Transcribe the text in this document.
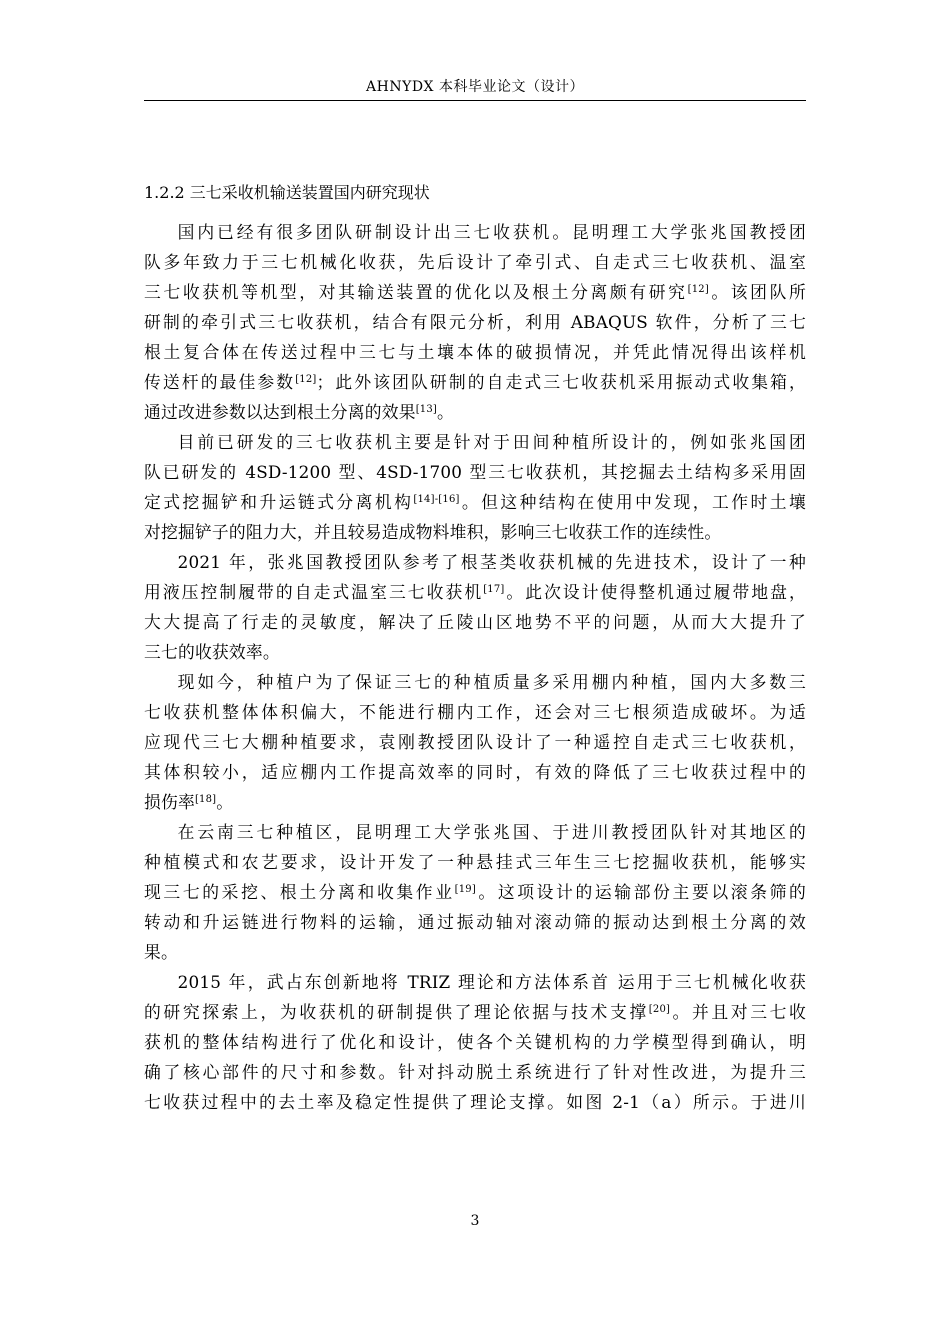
AHNYDX 本科毕业论文（设计）
1.2.2 三七采收机输送装置国内研究现状
国内已经有很多团队研制设计出三七收获机。昆明理工大学张兆国教授团
队多年致力于三七机械化收获，先后设计了牵引式、自走式三七收获机、温室
三七收获机等机型，对其输送装置的优化以及根土分离颇有研究[12]。该团队所
研制的牵引式三七收获机，结合有限元分析，利用 ABAQUS 软件，分析了三七
根土复合体在传送过程中三七与土壤本体的破损情况，并凭此情况得出该样机
传送杆的最佳参数[12]；此外该团队研制的自走式三七收获机采用振动式收集箱，
通过改进参数以达到根土分离的效果[13]。
目前已研发的三七收获机主要是针对于田间种植所设计的，例如张兆国团
队已研发的 4SD-1200 型、4SD-1700 型三七收获机，其挖掘去土结构多采用固
定式挖掘铲和升运链式分离机构[14]-[16]。但这种结构在使用中发现，工作时土壤
对挖掘铲子的阻力大，并且较易造成物料堆积，影响三七收获工作的连续性。
2021 年，张兆国教授团队参考了根茎类收获机械的先进技术，设计了一种
用液压控制履带的自走式温室三七收获机[17]。此次设计使得整机通过履带地盘，
大大提高了行走的灵敏度，解决了丘陵山区地势不平的问题，从而大大提升了
三七的收获效率。
现如今，种植户为了保证三七的种植质量多采用棚内种植，国内大多数三
七收获机整体体积偏大，不能进行棚内工作，还会对三七根须造成破坏。为适
应现代三七大棚种植要求，袁刚教授团队设计了一种遥控自走式三七收获机，
其体积较小，适应棚内工作提高效率的同时，有效的降低了三七收获过程中的
损伤率[18]。
在云南三七种植区，昆明理工大学张兆国、于进川教授团队针对其地区的
种植模式和农艺要求，设计开发了一种悬挂式三年生三七挖掘收获机，能够实
现三七的采挖、根土分离和收集作业[19]。这项设计的运输部份主要以滚条筛的
转动和升运链进行物料的运输，通过振动轴对滚动筛的振动达到根土分离的效
果。
2015 年，武占东创新地将 TRIZ 理论和方法体系首 运用于三七机械化收获
的研究探索上，为收获机的研制提供了理论依据与技术支撑[20]。并且对三七收
获机的整体结构进行了优化和设计，使各个关键机构的力学模型得到确认，明
确了核心部件的尺寸和参数。针对抖动脱土系统进行了针对性改进，为提升三
七收获过程中的去土率及稳定性提供了理论支撑。如图 2-1（a）所示。于进川
3
